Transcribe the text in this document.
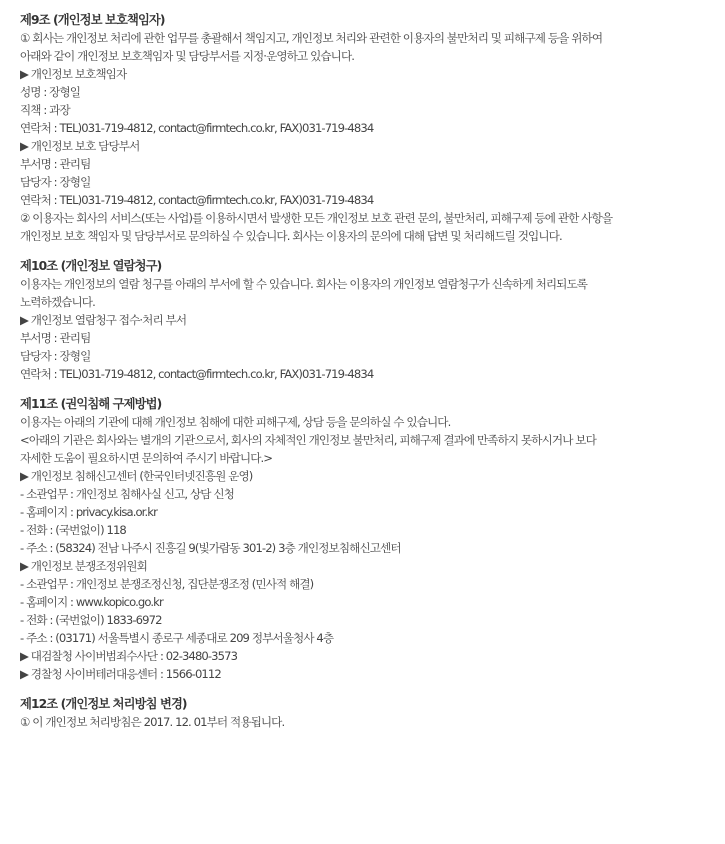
제9조 (개인정보 보호책임자)
① 회사는 개인정보 처리에 관한 업무를 총괄해서 책임지고, 개인정보 처리와 관련한 이용자의 불만처리 및 피해구제 등을 위하여
아래와 같이 개인정보 보호책임자 및 담당부서를 지정·운영하고 있습니다.
▶ 개인정보 보호책임자
성명 : 장형일
직책 : 과장
연락처 : TEL)031-719-4812, contact@firmtech.co.kr, FAX)031-719-4834
▶ 개인정보 보호 담당부서
부서명 : 관리팀
담당자 : 장형일
연락처 : TEL)031-719-4812, contact@firmtech.co.kr, FAX)031-719-4834
② 이용자는 회사의 서비스(또는 사업)를 이용하시면서 발생한 모든 개인정보 보호 관련 문의, 불만처리, 피해구제 등에 관한 사항을
개인정보 보호 책임자 및 담당부서로 문의하실 수 있습니다. 회사는 이용자의 문의에 대해 답변 및 처리해드릴 것입니다.
제10조 (개인정보 열람청구)
이용자는 개인정보의 열람 청구를 아래의 부서에 할 수 있습니다. 회사는 이용자의 개인정보 열람청구가 신속하게 처리되도록
노력하겠습니다.
▶ 개인정보 열람청구 접수·처리 부서
부서명 : 관리팀
담당자 : 장형일
연락처 : TEL)031-719-4812, contact@firmtech.co.kr, FAX)031-719-4834
제11조 (권익침해 구제방법)
이용자는 아래의 기관에 대해 개인정보 침해에 대한 피해구제, 상담 등을 문의하실 수 있습니다.
<아래의 기관은 회사와는 별개의 기관으로서, 회사의 자체적인 개인정보 불만처리, 피해구제 결과에 만족하지 못하시거나 보다
자세한 도움이 필요하시면 문의하여 주시기 바랍니다.>
▶ 개인정보 침해신고센터 (한국인터넷진흥원 운영)
- 소관업무 : 개인정보 침해사실 신고, 상담 신청
- 홈페이지 : privacy.kisa.or.kr
- 전화 : (국번없이) 118
- 주소 : (58324) 전남 나주시 진흥길 9(빛가람동 301-2) 3층 개인정보침해신고센터
▶ 개인정보 분쟁조정위원회
- 소관업무 : 개인정보 분쟁조정신청, 집단분쟁조정 (민사적 해결)
- 홈페이지 : www.kopico.go.kr
- 전화 : (국번없이) 1833-6972
- 주소 : (03171) 서울특별시 종로구 세종대로 209 정부서울청사 4층
▶ 대검찰청 사이버범죄수사단 : 02-3480-3573
▶ 경찰청 사이버테러대응센터 : 1566-0112
제12조 (개인정보 처리방침 변경)
① 이 개인정보 처리방침은 2017. 12. 01부터 적용됩니다.
